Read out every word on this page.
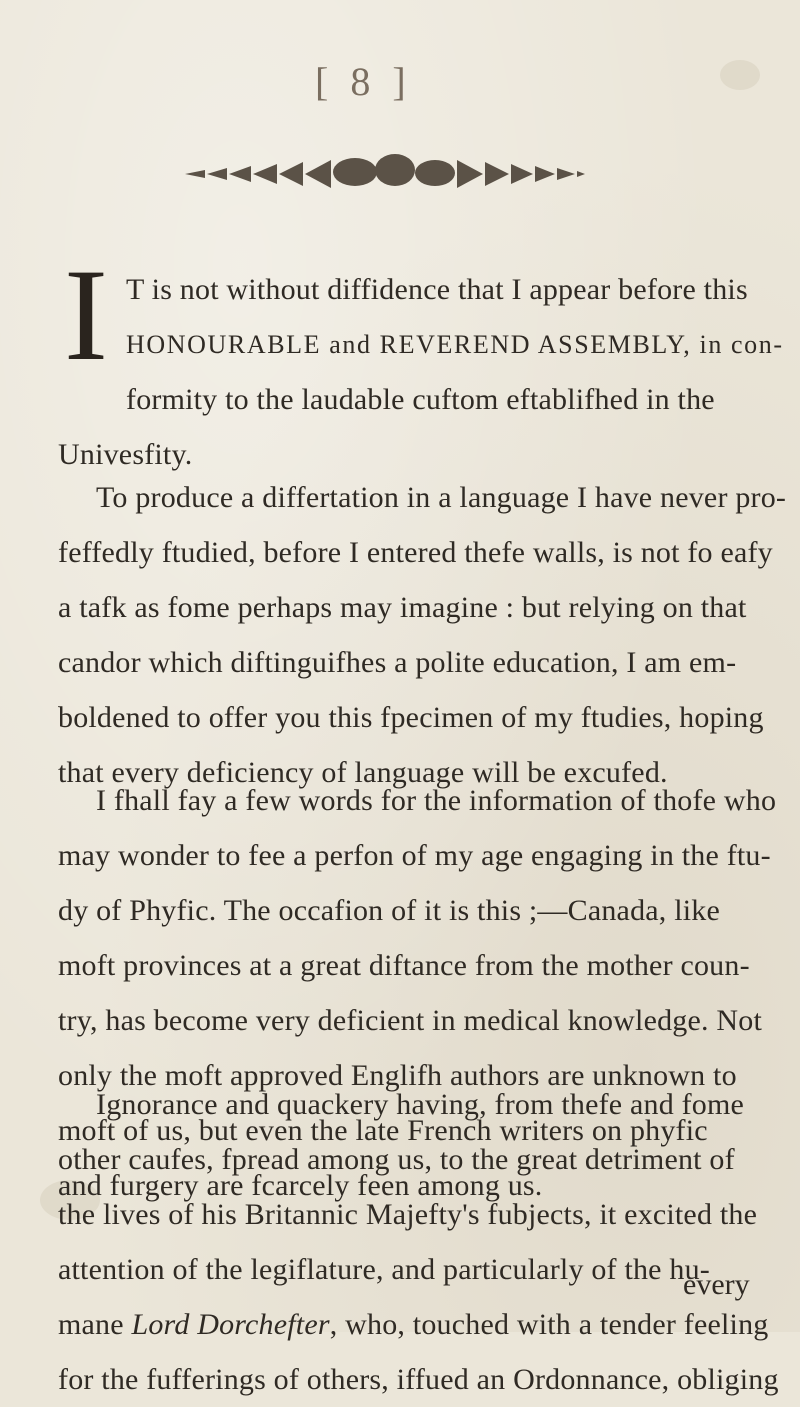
[ 8 ]
I T is not without diffidence that I appear before this
HONOURABLE and REVEREND ASSEMBLY, in con-
formity to the laudable cuftom eftablifhed in the
Univesfity.
To produce a differtation in a language I have never pro-
feffedly ftudied, before I entered thefe walls, is not fo eafy
a tafk as fome perhaps may imagine : but relying on that
candor which diftinguifhes a polite education, I am em-
boldened to offer you this fpecimen of my ftudies, hoping
that every deficiency of language will be excufed.
I fhall fay a few words for the information of thofe who
may wonder to fee a perfon of my age engaging in the ftu-
dy of Phyfic. The occafion of it is this ;—Canada, like
moft provinces at a great diftance from the mother coun-
try, has become very deficient in medical knowledge. Not
only the moft approved Englifh authors are unknown to
moft of us, but even the late French writers on phyfic
and furgery are fcarcely feen among us.
Ignorance and quackery having, from thefe and fome
other caufes, fpread among us, to the great detriment of
the lives of his Britannic Majefty's fubjects, it excited the
attention of the legiflature, and particularly of the hu-
mane Lord Dorchefter, who, touched with a tender feeling
for the fufferings of others, iffued an Ordonnance, obliging
every
